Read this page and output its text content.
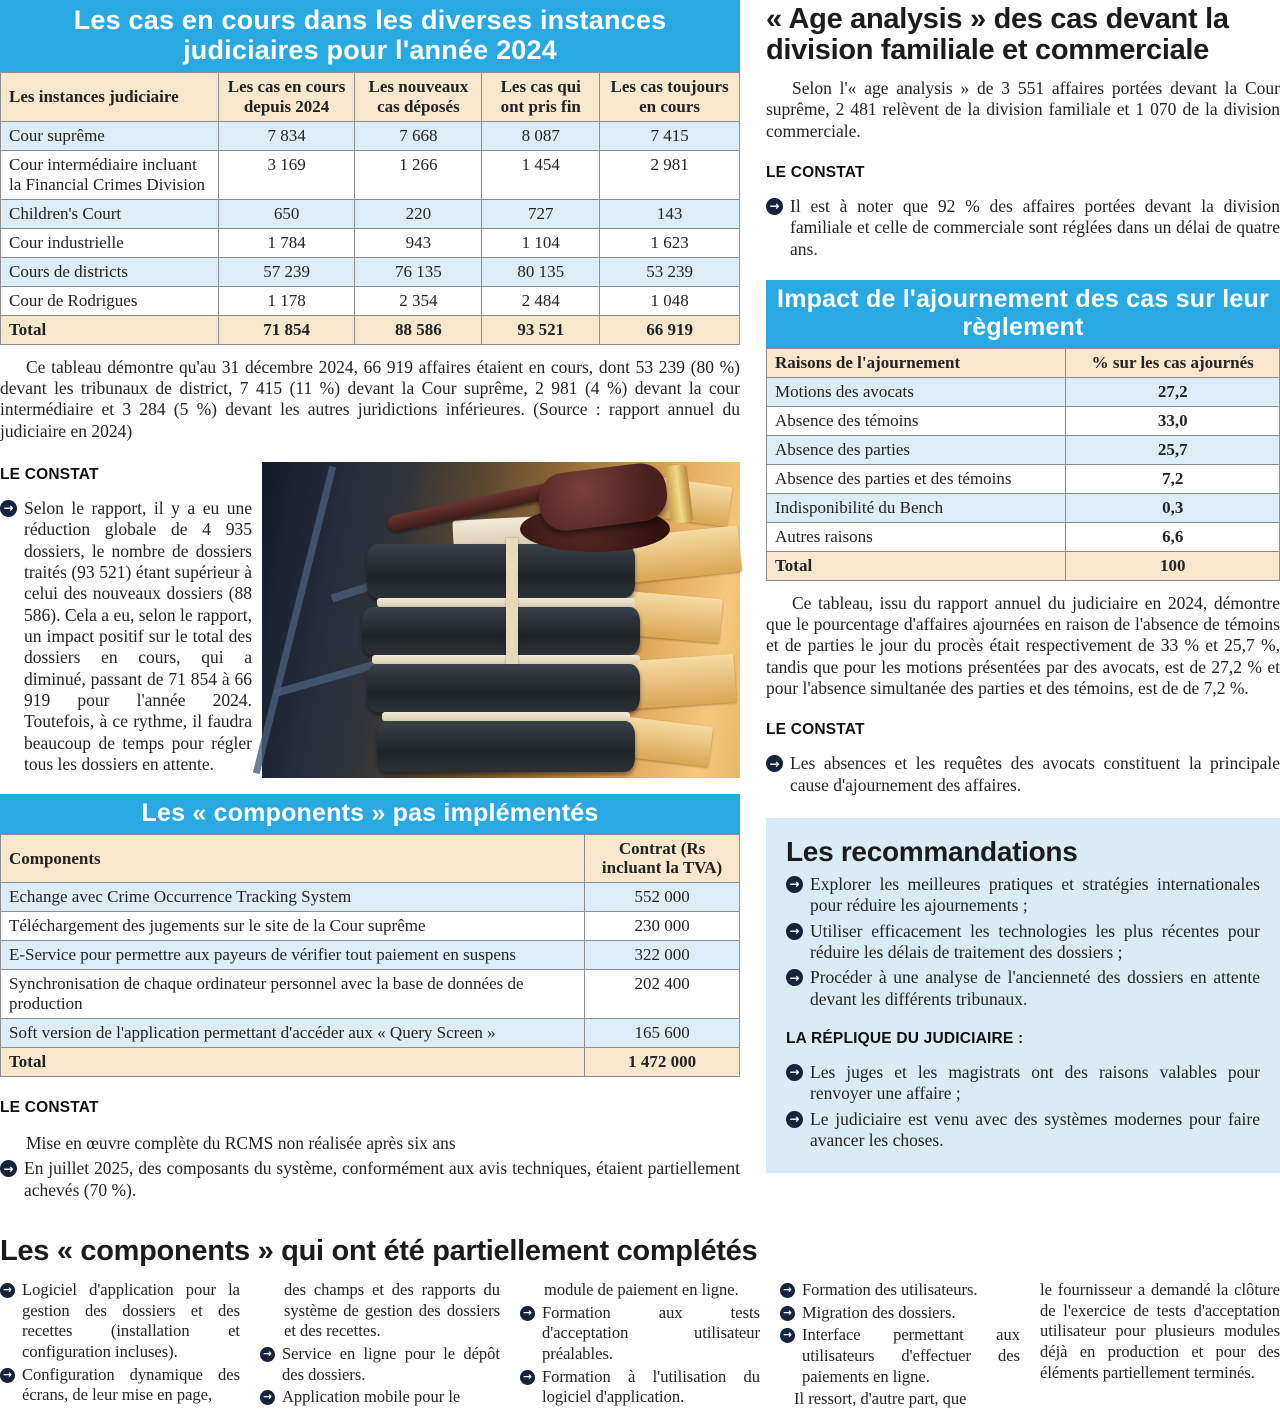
Les cas en cours dans les diverses instances judiciaires pour l'année 2024
Les instances judiciaire	Les cas en cours depuis 2024	Les nouveaux cas déposés	Les cas qui ont pris fin	Les cas toujours en cours
Cour suprême	7 834	7 668	8 087	7 415
Cour intermédiaire incluant la Financial Crimes Division	3 169	1 266	1 454	2 981
Children's Court	650	220	727	143
Cour industrielle	1 784	943	1 104	1 623
Cours de districts	57 239	76 135	80 135	53 239
Cour de Rodrigues	1 178	2 354	2 484	1 048
Total	71 854	88 586	93 521	66 919

Ce tableau démontre qu'au 31 décembre 2024, 66 919 affaires étaient en cours, dont 53 239 (80 %) devant les tribunaux de district, 7 415 (11 %) devant la Cour suprême, 2 981 (4 %) devant la cour intermédiaire et 3 284 (5 %) devant les autres juridictions inférieures. (Source : rapport annuel du judiciaire en 2024)

LE CONSTAT
→ Selon le rapport, il y a eu une réduction globale de 4 935 dossiers, le nombre de dossiers traités (93 521) étant supérieur à celui des nouveaux dossiers (88 586). Cela a eu, selon le rapport, un impact positif sur le total des dossiers en cours, qui a diminué, passant de 71 854 à 66 919 pour l'année 2024. Toutefois, à ce rythme, il faudra beaucoup de temps pour régler tous les dossiers en attente.
Les « components » pas implémentés
Components	Contrat (Rs incluant la TVA)
Echange avec Crime Occurrence Tracking System	552 000
Téléchargement des jugements sur le site de la Cour suprême	230 000
E-Service pour permettre aux payeurs de vérifier tout paiement en suspens	322 000
Synchronisation de chaque ordinateur personnel avec la base de données de production	202 400
Soft version de l'application permettant d'accéder aux « Query Screen »	165 600
Total	1 472 000
LE CONSTAT

Mise en œuvre complète du RCMS non réalisée après six ans

→ En juillet 2025, des composants du système, conformément aux avis techniques, étaient partiellement achevés (70 %).
« Age analysis » des cas devant la division familiale et commerciale

Selon l'« age analysis » de 3 551 affaires portées devant la Cour suprême, 2 481 relèvent de la division familiale et 1 070 de la division commerciale.

LE CONSTAT
→ Il est à noter que 92 % des affaires portées devant la division familiale et celle de commerciale sont réglées dans un délai de quatre ans.
Impact de l'ajournement des cas sur leur règlement
Raisons de l'ajournement	% sur les cas ajournés
Motions des avocats	27,2
Absence des témoins	33,0
Absence des parties	25,7
Absence des parties et des témoins	7,2
Indisponibilité du Bench	0,3
Autres raisons	6,6
Total	100

Ce tableau, issu du rapport annuel du judiciaire en 2024, démontre que le pourcentage d'affaires ajournées en raison de l'absence de témoins et de parties le jour du procès était respectivement de 33 % et 25,7 %, tandis que pour les motions présentées par des avocats, est de 27,2 % et pour l'absence simultanée des parties et des témoins, est de de 7,2 %.

LE CONSTAT
→ Les absences et les requêtes des avocats constituent la principale cause d'ajournement des affaires.
Les recommandations
→ Explorer les meilleures pratiques et stratégies internationales pour réduire les ajournements ;
→ Utiliser efficacement les technologies les plus récentes pour réduire les délais de traitement des dossiers ;
→ Procéder à une analyse de l'ancienneté des dossiers en attente devant les différents tribunaux.
LA RÉPLIQUE DU JUDICIAIRE :
→ Les juges et les magistrats ont des raisons valables pour renvoyer une affaire ;
→ Le judiciaire est venu avec des systèmes modernes pour faire avancer les choses.
Les « components » qui ont été partiellement complétés
→ Logiciel d'application pour la gestion des dossiers et des recettes (installation et configuration incluses).
→ Configuration dynamique des écrans, de leur mise en page,
des champs et des rapports du système de gestion des dossiers et des recettes.
→ Service en ligne pour le dépôt des dossiers.
→ Application mobile pour le
module de paiement en ligne.
→ Formation aux tests d'acceptation utilisateur préalables.
→ Formation à l'utilisation du logiciel d'application.
→ Formation des utilisateurs.
→ Migration des dossiers.
→ Interface permettant aux utilisateurs d'effectuer des paiements en ligne.
Il ressort, d'autre part, que
le fournisseur a demandé la clôture de l'exercice de tests d'acceptation utilisateur pour plusieurs modules déjà en production et pour des éléments partiellement terminés.
